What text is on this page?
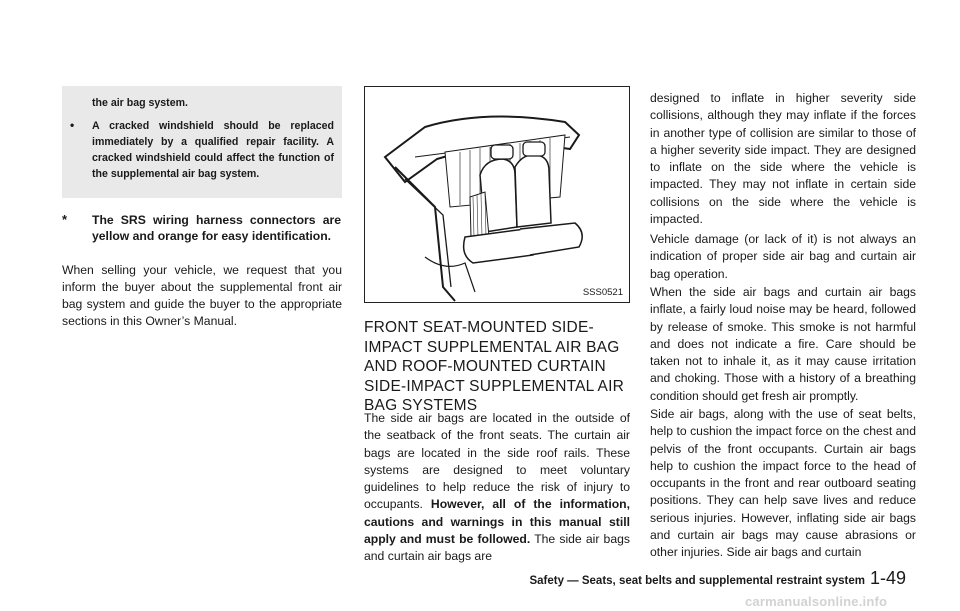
the air bag system.
• A cracked windshield should be replaced immediately by a qualified repair facility. A cracked windshield could affect the function of the supplemental air bag system.
* The SRS wiring harness connectors are yellow and orange for easy identification.
When selling your vehicle, we request that you inform the buyer about the supplemental front air bag system and guide the buyer to the appropriate sections in this Owner’s Manual.
SSS0521
FRONT SEAT-MOUNTED SIDE-IMPACT SUPPLEMENTAL AIR BAG AND ROOF-MOUNTED CURTAIN SIDE-IMPACT SUPPLEMENTAL AIR BAG SYSTEMS
The side air bags are located in the outside of the seatback of the front seats. The curtain air bags are located in the side roof rails. These systems are designed to meet voluntary guidelines to help reduce the risk of injury to occupants. However, all of the information, cautions and warnings in this manual still apply and must be followed. The side air bags and curtain air bags are
designed to inflate in higher severity side collisions, although they may inflate if the forces in another type of collision are similar to those of a higher severity side impact. They are designed to inflate on the side where the vehicle is impacted. They may not inflate in certain side collisions on the side where the vehicle is impacted.
Vehicle damage (or lack of it) is not always an indication of proper side air bag and curtain air bag operation.
When the side air bags and curtain air bags inflate, a fairly loud noise may be heard, followed by release of smoke. This smoke is not harmful and does not indicate a fire. Care should be taken not to inhale it, as it may cause irritation and choking. Those with a history of a breathing condition should get fresh air promptly.
Side air bags, along with the use of seat belts, help to cushion the impact force on the chest and pelvis of the front occupants. Curtain air bags help to cushion the impact force to the head of occupants in the front and rear outboard seating positions. They can help save lives and reduce serious injuries. However, inflating side air bags and curtain air bags may cause abrasions or other injuries. Side air bags and curtain
Safety — Seats, seat belts and supplemental restraint system 1-49
carmanualsonline.info
